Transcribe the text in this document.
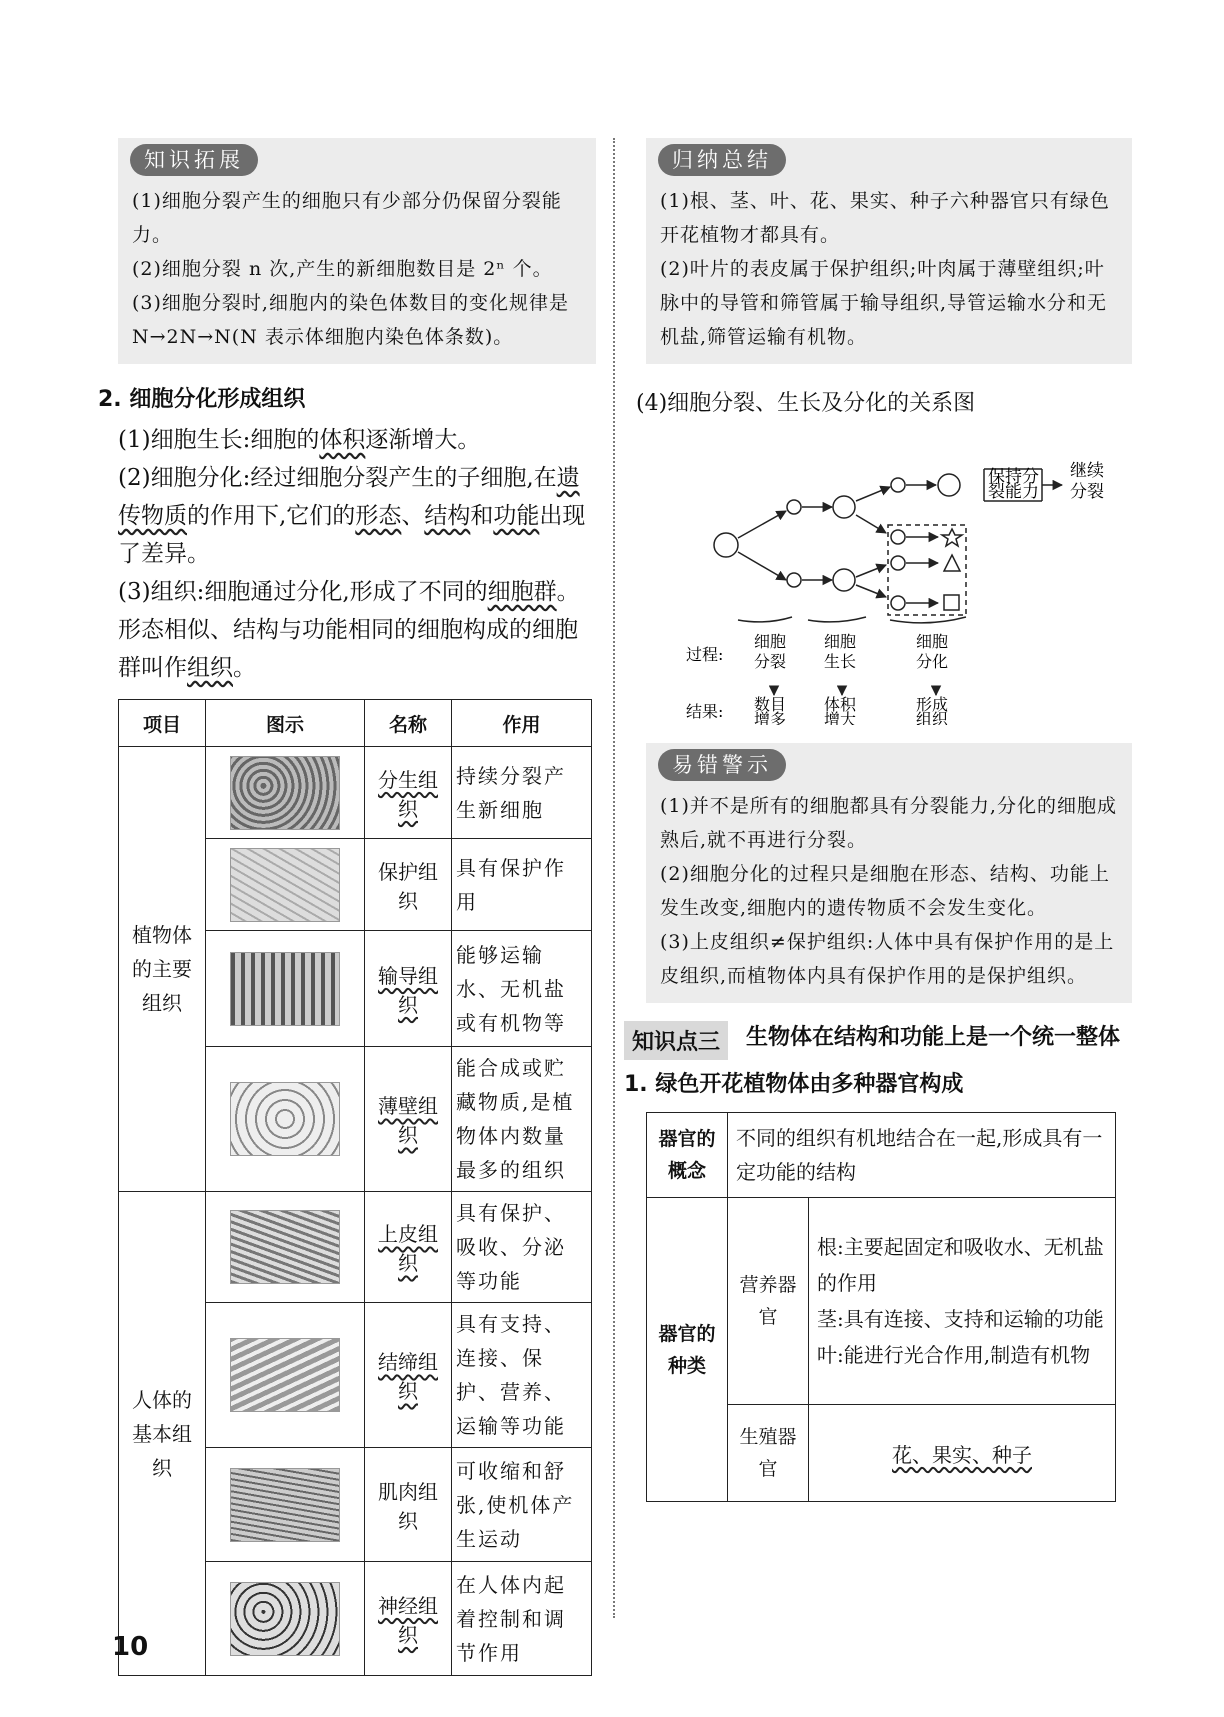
知识拓展

(1)细胞分裂产生的细胞只有少部分仍保留分裂能力。

(2)细胞分裂 n 次,产生的新细胞数目是 2ⁿ 个。

(3)细胞分裂时,细胞内的染色体数目的变化规律是 N→2N→N(N 表示体细胞内染色体条数)。

2. 细胞分化形成组织

(1)细胞生长:细胞的体积逐渐增大。

(2)细胞分化:经过细胞分裂产生的子细胞,在遗传物质的作用下,它们的形态、结构和功能出现了差异。

(3)组织:细胞通过分化,形成了不同的细胞群。形态相似、结构与功能相同的细胞构成的细胞群叫作组织。

项目	图示	名称	作用
植物体的主要组织		分生组织	持续分裂产生新细胞

		保护组织	具有保护作用

		输导组织	能够运输水、无机盐或有机物等

		薄壁组织	能合成或贮藏物质,是植物体内数量最多的组织
人体的基本组织		上皮组织	具有保护、吸收、分泌等功能

		结缔组织	具有支持、连接、保护、营养、运输等功能

		肌肉组织	可收缩和舒张,使机体产生运动

		神经组织	在人体内起着控制和调节作用
归纳总结

(1)根、茎、叶、花、果实、种子六种器官只有绿色开花植物才都具有。

(2)叶片的表皮属于保护组织;叶肉属于薄壁组织;叶脉中的导管和筛管属于输导组织,导管运输水分和无机盐,筛管运输有机物。

(4)细胞分裂、生长及分化的关系图
保持分
裂能力
继续
分裂
过程:
细胞
分裂
细胞
生长
细胞
分化
结果: 数目
增多
体积
增大
形成
组织
易错警示

(1)并不是所有的细胞都具有分裂能力,分化的细胞成熟后,就不再进行分裂。

(2)细胞分化的过程只是细胞在形态、结构、功能上发生改变,细胞内的遗传物质不会发生变化。

(3)上皮组织≠保护组织:人体中具有保护作用的是上皮组织,而植物体内具有保护作用的是保护组织。

知识点三	生物体在结构和功能上是一个统一整体
1. 绿色开花植物体由多种器官构成
器官的概念	不同的组织有机地结合在一起,形成具有一定功能的结构	
器官的种类	营养器官	根:主要起固定和吸收水、无机盐的作用
茎:具有连接、支持和运输的功能
叶:能进行光合作用,制造有机物

	生殖器官	花、果实、种子
10
